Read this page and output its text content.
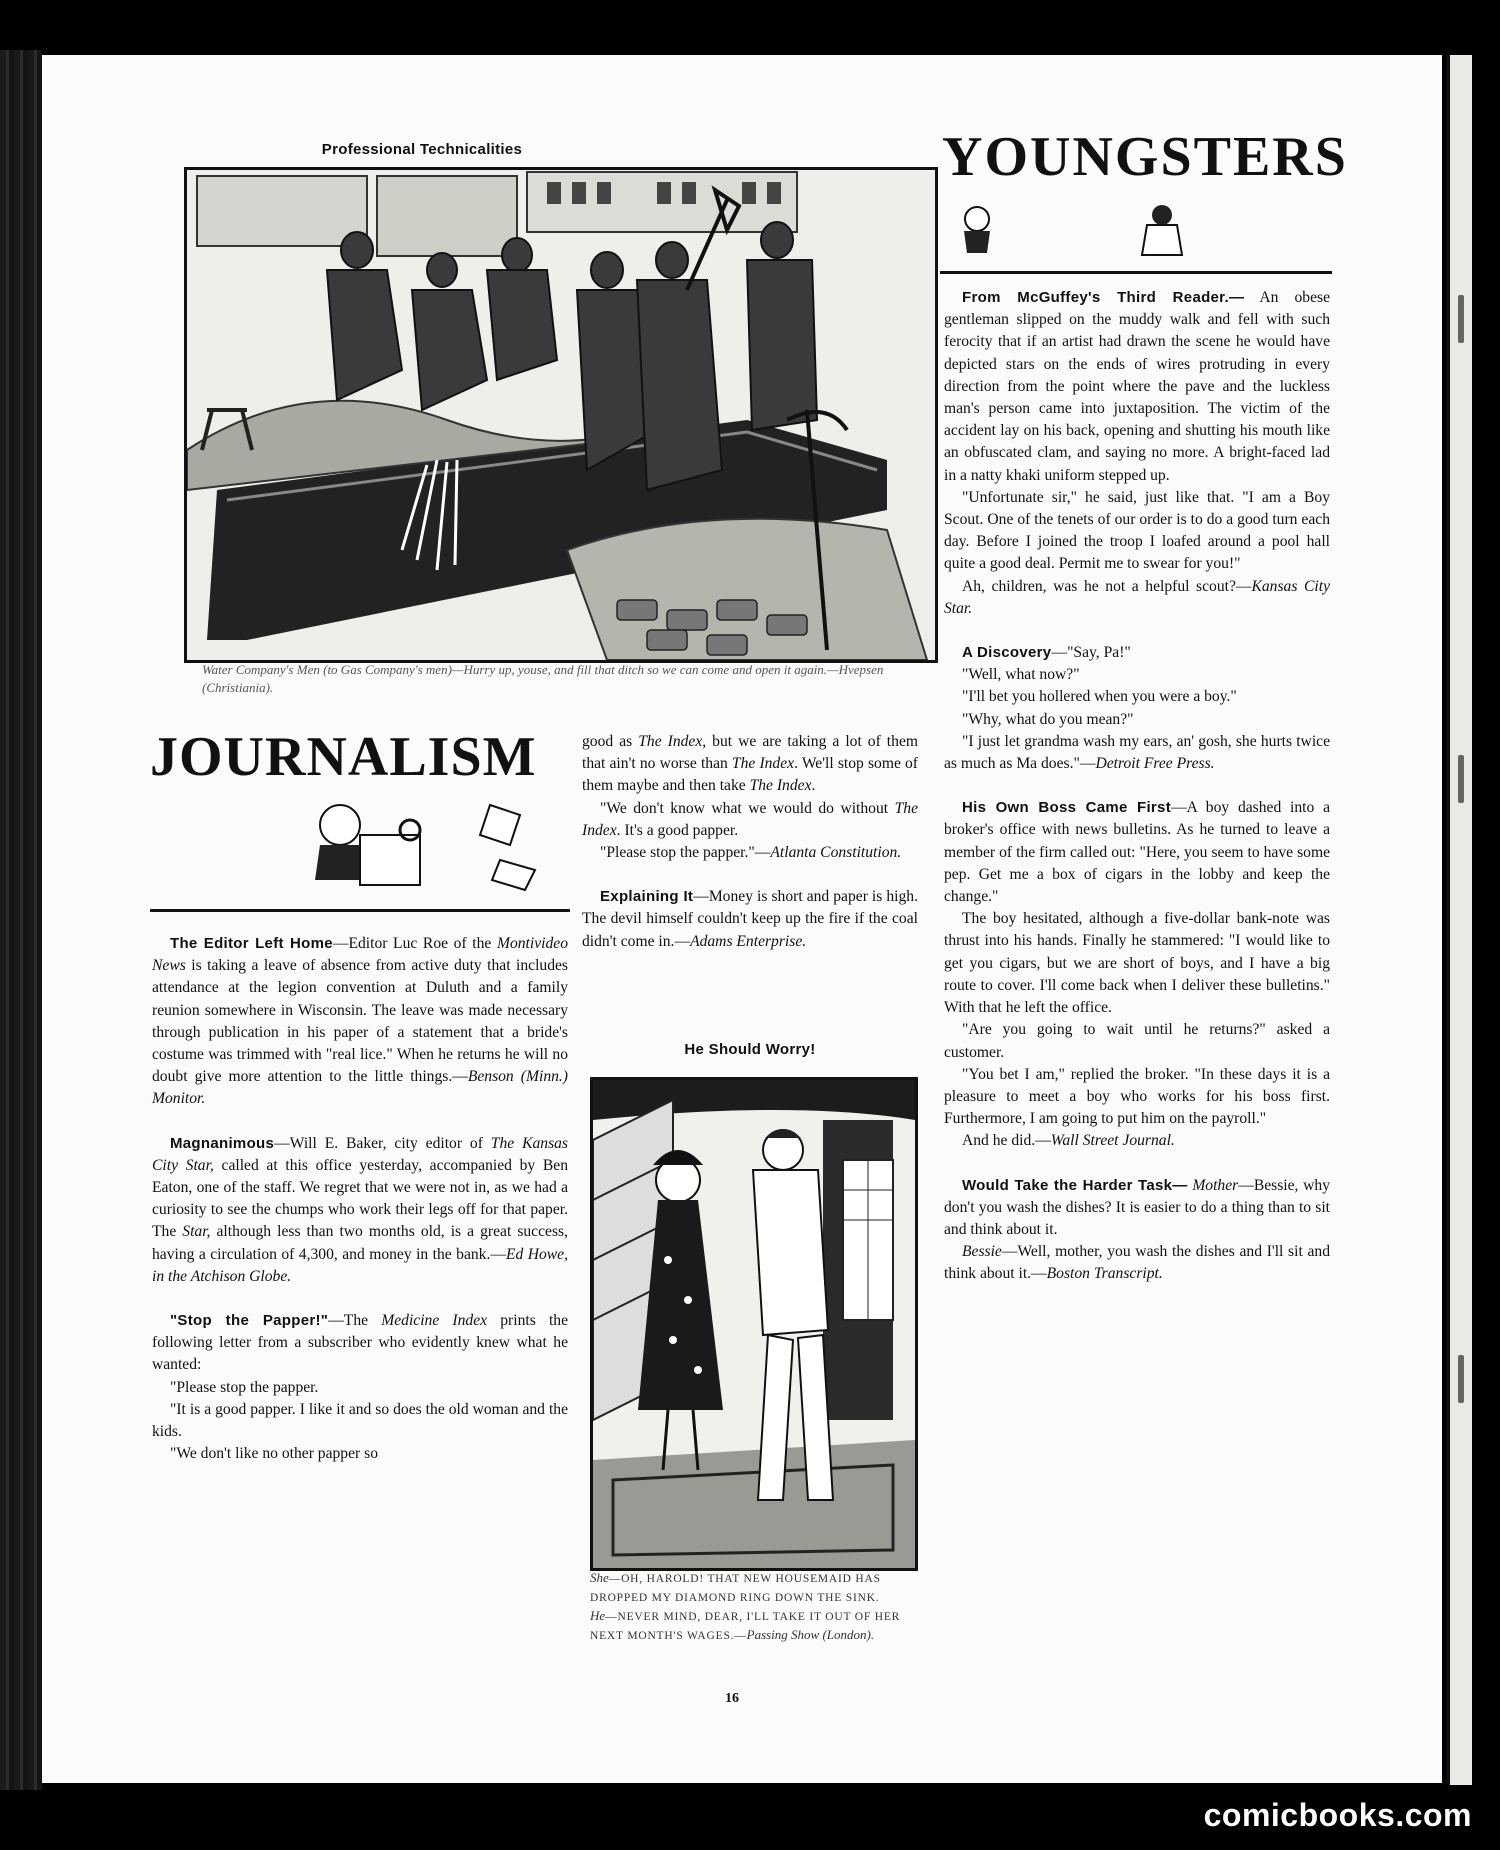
Professional Technicalities
Water Company's Men (to Gas Company's men)—Hurry up, youse, and fill that ditch so we can come and open it again.—Hvepsen (Christiania).
YOUNGSTERS

From McGuffey's Third Reader.— An obese gentleman slipped on the muddy walk and fell with such ferocity that if an artist had drawn the scene he would have depicted stars on the ends of wires protruding in every direction from the point where the pave and the luckless man's person came into juxtaposition. The victim of the accident lay on his back, opening and shutting his mouth like an obfuscated clam, and saying no more. A bright-faced lad in a natty khaki uniform stepped up.

"Unfortunate sir," he said, just like that. "I am a Boy Scout. One of the tenets of our order is to do a good turn each day. Before I joined the troop I loafed around a pool hall quite a good deal. Permit me to swear for you!"

Ah, children, was he not a helpful scout?—Kansas City Star.

A Discovery—"Say, Pa!"

"Well, what now?"

"I'll bet you hollered when you were a boy."

"Why, what do you mean?"

"I just let grandma wash my ears, an' gosh, she hurts twice as much as Ma does."—Detroit Free Press.

His Own Boss Came First—A boy dashed into a broker's office with news bulletins. As he turned to leave a member of the firm called out: "Here, you seem to have some pep. Get me a box of cigars in the lobby and keep the change."

The boy hesitated, although a five-dollar bank-note was thrust into his hands. Finally he stammered: "I would like to get you cigars, but we are short of boys, and I have a big route to cover. I'll come back when I deliver these bulletins." With that he left the office.

"Are you going to wait until he returns?" asked a customer.

"You bet I am," replied the broker. "In these days it is a pleasure to meet a boy who works for his boss first. Furthermore, I am going to put him on the payroll."

And he did.—Wall Street Journal.

Would Take the Harder Task— Mother—Bessie, why don't you wash the dishes? It is easier to do a thing than to sit and think about it.

Bessie—Well, mother, you wash the dishes and I'll sit and think about it.—Boston Transcript.

JOURNALISM

The Editor Left Home—Editor Luc Roe of the Montivideo News is taking a leave of absence from active duty that includes attendance at the legion convention at Duluth and a family reunion somewhere in Wisconsin. The leave was made necessary through publication in his paper of a statement that a bride's costume was trimmed with "real lice." When he returns he will no doubt give more attention to the little things.—Benson (Minn.) Monitor.

Magnanimous—Will E. Baker, city editor of The Kansas City Star, called at this office yesterday, accompanied by Ben Eaton, one of the staff. We regret that we were not in, as we had a curiosity to see the chumps who work their legs off for that paper. The Star, although less than two months old, is a great success, having a circulation of 4,300, and money in the bank.—Ed Howe, in the Atchison Globe.

"Stop the Papper!"—The Medicine Index prints the following letter from a subscriber who evidently knew what he wanted:

"Please stop the papper.

"It is a good papper. I like it and so does the old woman and the kids.

"We don't like no other papper so

good as The Index, but we are taking a lot of them that ain't no worse than The Index. We'll stop some of them maybe and then take The Index.

"We don't know what we would do without The Index. It's a good papper.

"Please stop the papper."—Atlanta Constitution.

Explaining It—Money is short and paper is high. The devil himself couldn't keep up the fire if the coal didn't come in.—Adams Enterprise.

He Should Worry!
She—OH, HAROLD! THAT NEW HOUSEMAID HAS DROPPED MY DIAMOND RING DOWN THE SINK.
He—NEVER MIND, DEAR, I'LL TAKE IT OUT OF HER NEXT MONTH'S WAGES.—Passing Show (London).
16
comicbooks.com
